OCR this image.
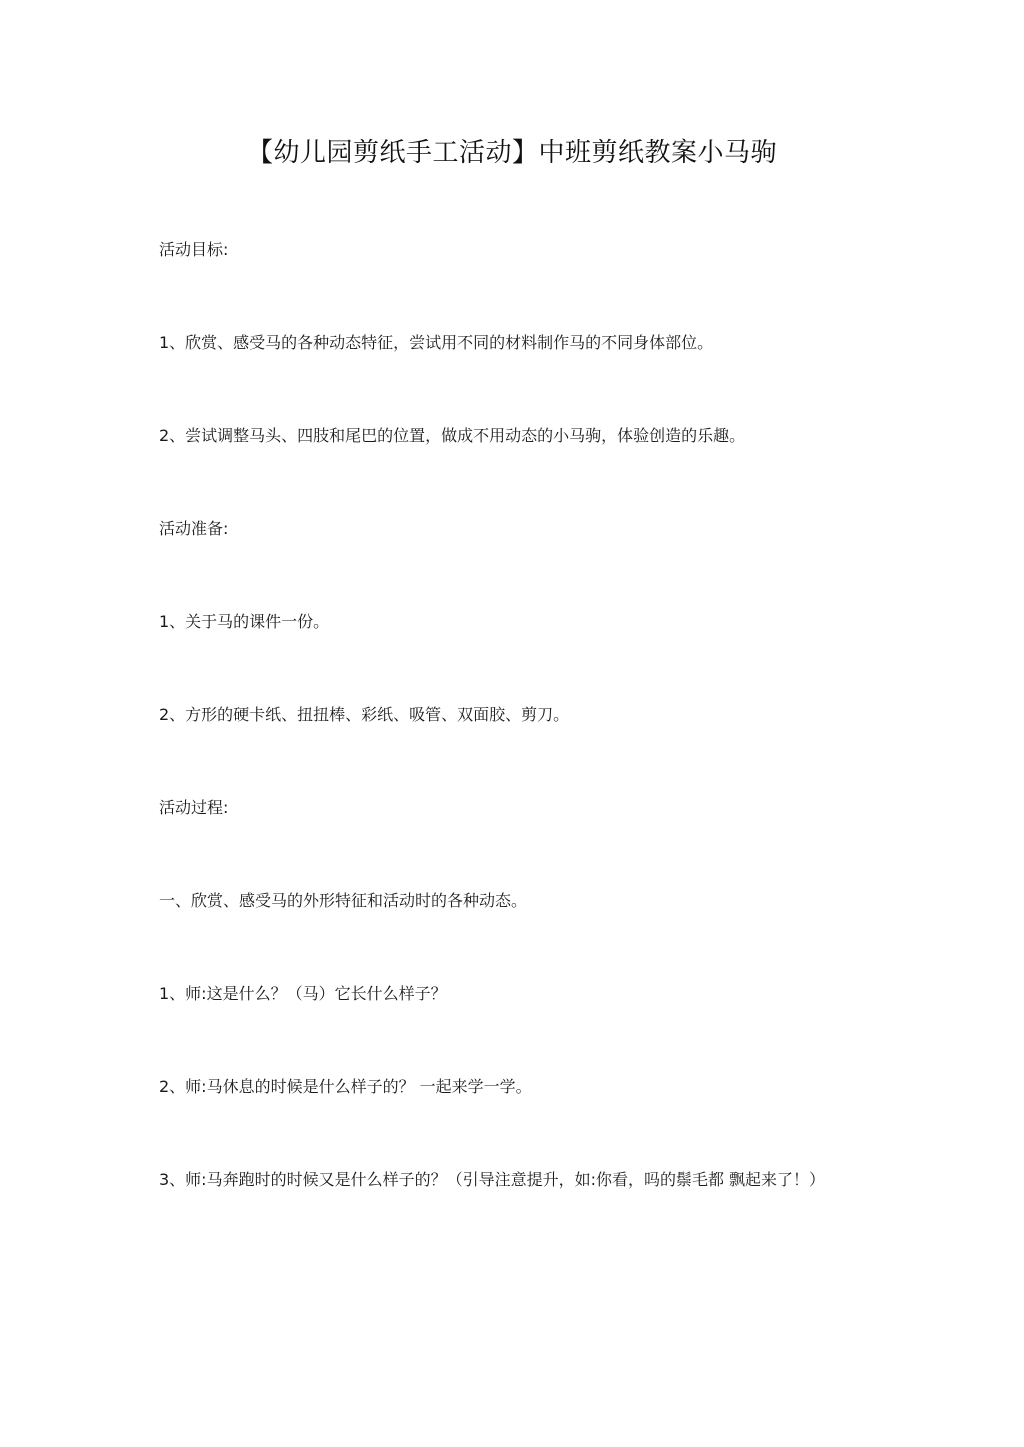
【幼儿园剪纸手工活动】中班剪纸教案小马驹

活动目标:

1、欣赏、感受马的各种动态特征，尝试用不同的材料制作马的不同身体部位。

2、尝试调整马头、四肢和尾巴的位置，做成不用动态的小马驹，体验创造的乐趣。

活动准备:

1、关于马的课件一份。

2、方形的硬卡纸、扭扭棒、彩纸、吸管、双面胶、剪刀。

活动过程:

一、欣赏、感受马的外形特征和活动时的各种动态。

1、师:这是什么？（马）它长什么样子？

2、师:马休息的时候是什么样子的？ 一起来学一学。

3、师:马奔跑时的时候又是什么样子的？（引导注意提升，如:你看，吗的鬃毛都 飘起来了！）
